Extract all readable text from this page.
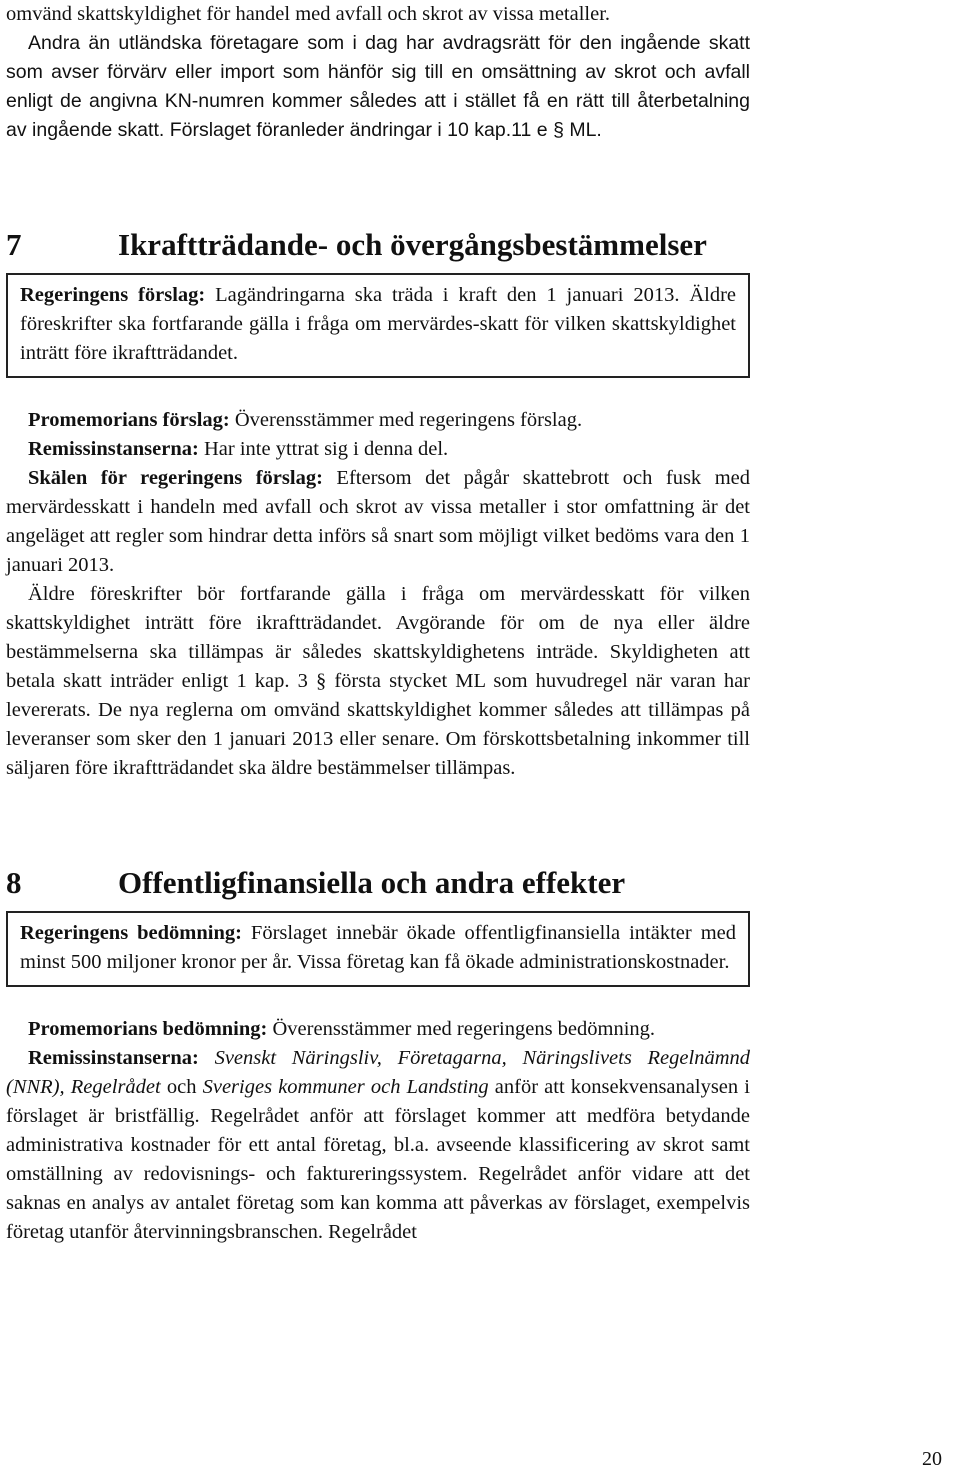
omvänd skattskyldighet för handel med avfall och skrot av vissa metaller.

Andra än utländska företagare som i dag har avdragsrätt för den ingående skatt som avser förvärv eller import som hänför sig till en omsättning av skrot och avfall enligt de angivna KN-numren kommer således att i stället få en rätt till återbetalning av ingående skatt. Förslaget föranleder ändringar i 10 kap.11 e § ML.

7	Ikraftträdande- och övergångsbestämmelser

Regeringens förslag: Lagändringarna ska träda i kraft den 1 januari 2013. Äldre föreskrifter ska fortfarande gälla i fråga om mervärdes-skatt för vilken skattskyldighet inträtt före ikraftträdandet.

Promemorians förslag: Överensstämmer med regeringens förslag.

Remissinstanserna: Har inte yttrat sig i denna del.

Skälen för regeringens förslag: Eftersom det pågår skattebrott och fusk med mervärdesskatt i handeln med avfall och skrot av vissa metaller i stor omfattning är det angeläget att regler som hindrar detta införs så snart som möjligt vilket bedöms vara den 1 januari 2013.

Äldre föreskrifter bör fortfarande gälla i fråga om mervärdesskatt för vilken skattskyldighet inträtt före ikraftträdandet. Avgörande för om de nya eller äldre bestämmelserna ska tillämpas är således skattskyldighetens inträde. Skyldigheten att betala skatt inträder enligt 1 kap. 3 § första stycket ML som huvudregel när varan har levererats. De nya reglerna om omvänd skattskyldighet kommer således att tillämpas på leveranser som sker den 1 januari 2013 eller senare. Om förskottsbetalning inkommer till säljaren före ikraftträdandet ska äldre bestämmelser tillämpas.

8	Offentligfinansiella och andra effekter

Regeringens bedömning: Förslaget innebär ökade offentligfinansiella intäkter med minst 500 miljoner kronor per år. Vissa företag kan få ökade administrationskostnader.

Promemorians bedömning: Överensstämmer med regeringens bedömning.

Remissinstanserna: Svenskt Näringsliv, Företagarna, Näringslivets Regelnämnd (NNR), Regelrådet och Sveriges kommuner och Landsting anför att konsekvensanalysen i förslaget är bristfällig. Regelrådet anför att förslaget kommer att medföra betydande administrativa kostnader för ett antal företag, bl.a. avseende klassificering av skrot samt omställning av redovisnings- och faktureringssystem. Regelrådet anför vidare att det saknas en analys av antalet företag som kan komma att påverkas av förslaget, exempelvis företag utanför återvinningsbranschen. Regelrådet

20
